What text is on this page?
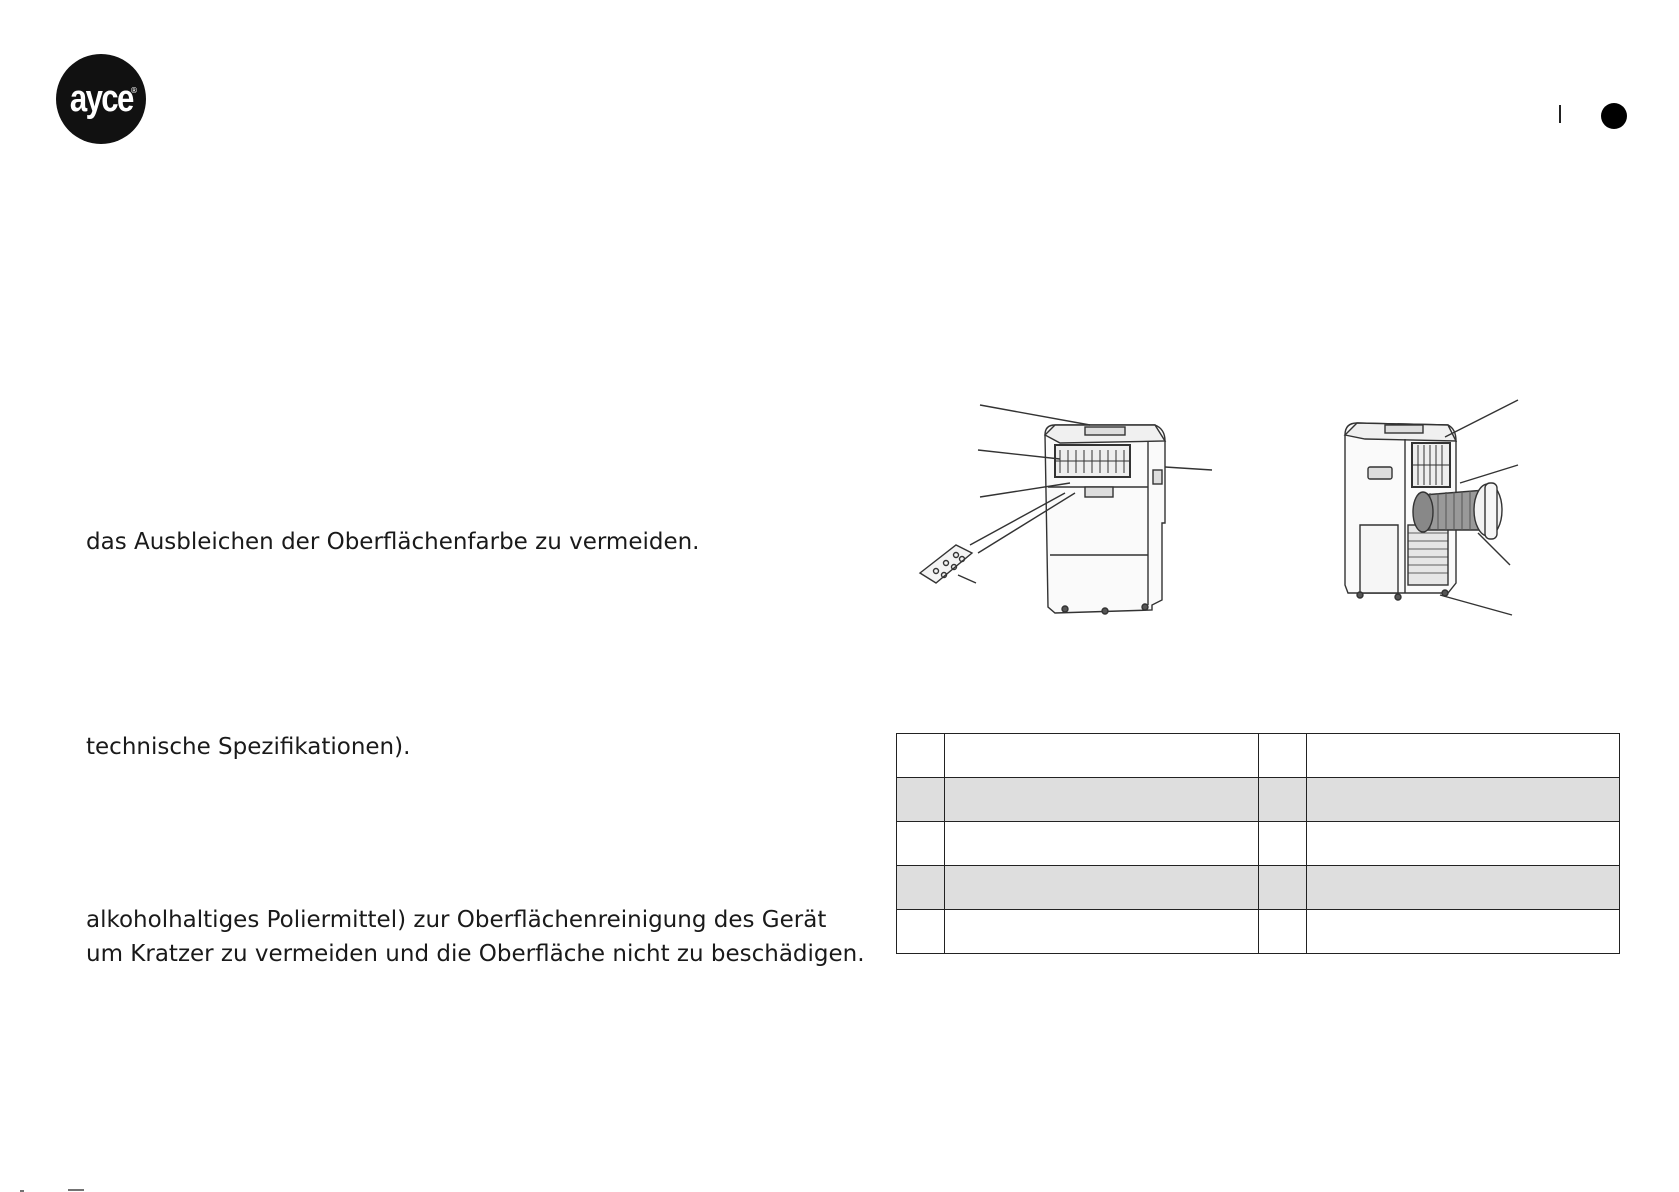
ayce
®
das Ausbleichen der Oberflächenfarbe zu vermeiden.
technische Spezifikationen).
alkoholhaltiges Poliermittel) zur Oberflächenreinigung des Gerät
um Kratzer zu vermeiden und die Oberfläche nicht zu beschädigen.
